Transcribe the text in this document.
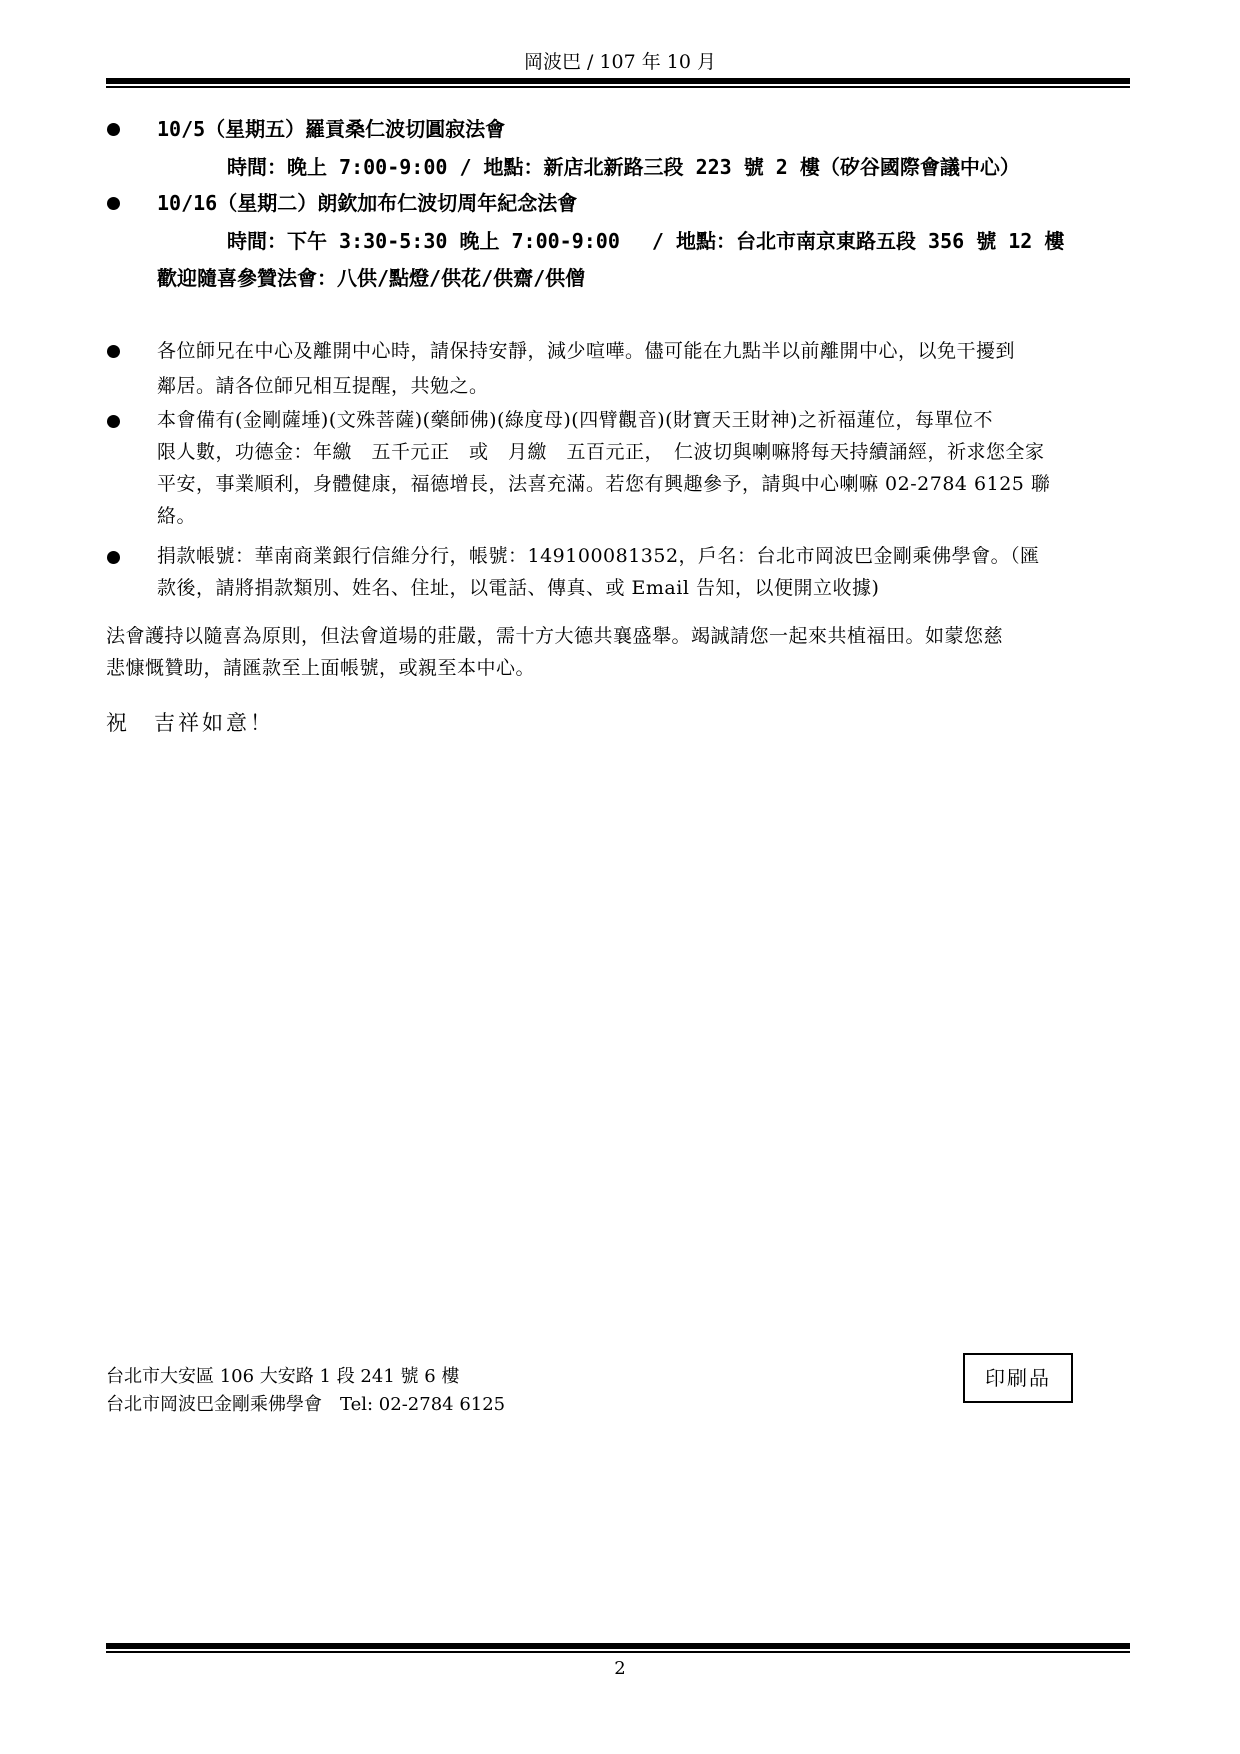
岡波巴 / 107 年 10 月
10/5（星期五）羅貢桑仁波切圓寂法會
時間：晚上 7:00-9:00 / 地點：新店北新路三段 223 號 2 樓（矽谷國際會議中心）
10/16（星期二）朗欽加布仁波切周年紀念法會
時間：下午 3:30-5:30 晚上 7:00-9:00　 / 地點：台北市南京東路五段 356 號 12 樓
歡迎隨喜參贊法會：八供/點燈/供花/供齋/供僧
各位師兄在中心及離開中心時，請保持安靜，減少喧嘩。儘可能在九點半以前離開中心，以免干擾到
鄰居。請各位師兄相互提醒，共勉之。
本會備有(金剛薩埵)(文殊菩薩)(藥師佛)(綠度母)(四臂觀音)(財寶天王財神)之祈福蓮位，每單位不
限人數，功德金：年繳　五千元正　或　月繳　五百元正，　仁波切與喇嘛將每天持續誦經，祈求您全家
平安，事業順利，身體健康，福德增長，法喜充滿。若您有興趣參予，請與中心喇嘛 02-2784 6125 聯
絡。
捐款帳號：華南商業銀行信維分行，帳號：149100081352，戶名：台北市岡波巴金剛乘佛學會。（匯
款後，請將捐款類別、姓名、住址，以電話、傳真、或 Email 告知，以便開立收據)
法會護持以隨喜為原則，但法會道場的莊嚴，需十方大德共襄盛舉。竭誠請您一起來共植福田。如蒙您慈
悲慷慨贊助，請匯款至上面帳號，或親至本中心。
祝　吉祥如意！
台北市大安區 106 大安路 1 段 241 號 6 樓
台北市岡波巴金剛乘佛學會　Tel: 02-2784 6125
印刷品
2
